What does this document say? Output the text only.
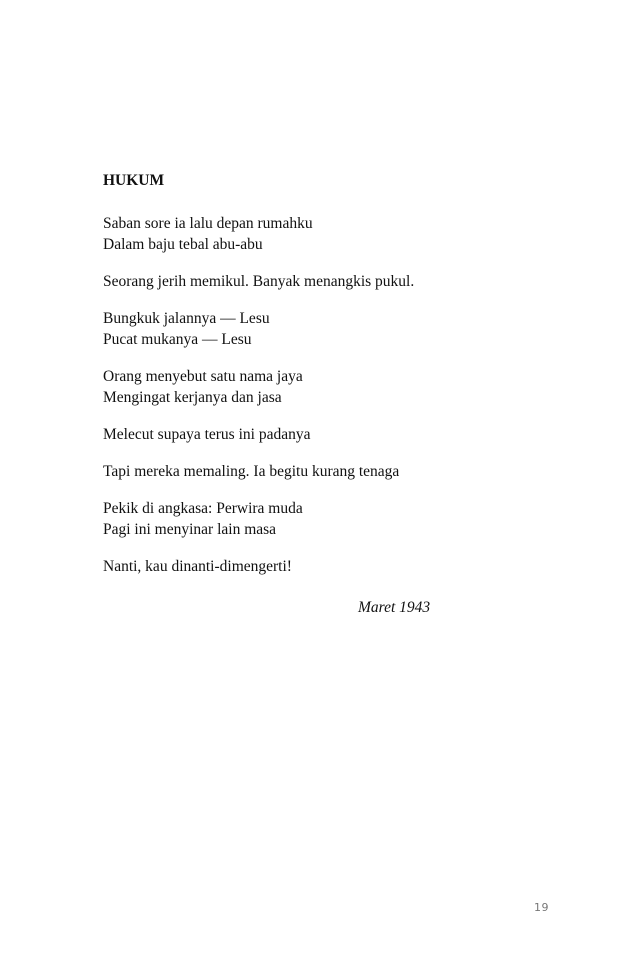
HUKUM
Saban sore ia lalu depan rumahku
Dalam baju tebal abu-abu
Seorang jerih memikul. Banyak menangkis pukul.
Bungkuk jalannya — Lesu
Pucat mukanya — Lesu
Orang menyebut satu nama jaya
Mengingat kerjanya dan jasa
Melecut supaya terus ini padanya
Tapi mereka memaling. Ia begitu kurang tenaga
Pekik di angkasa: Perwira muda
Pagi ini menyinar lain masa
Nanti, kau dinanti-dimengerti!
Maret 1943
19
